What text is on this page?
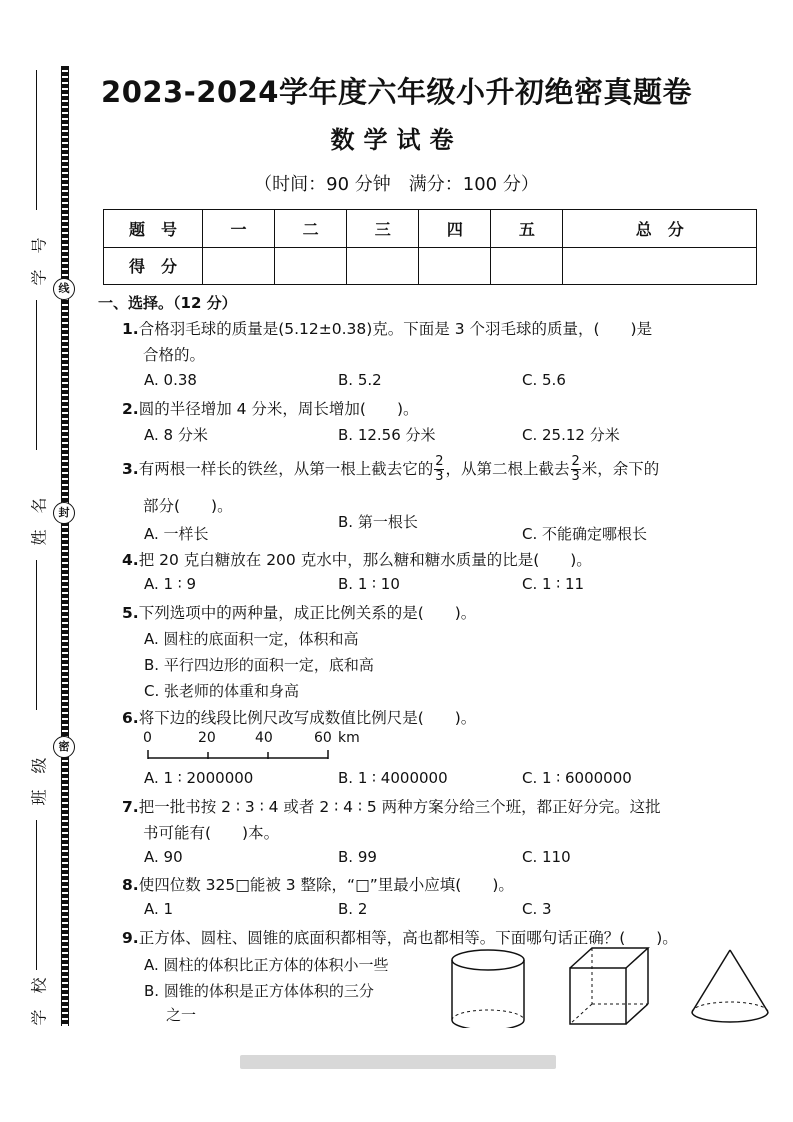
线
封
密
学　号
姓　名
班　级
学　校
2023-2024学年度六年级小升初绝密真题卷
数学试卷
（时间：90 分钟　满分：100 分）
题　号	一	二	三	四	五	总　分
得　分						
一、选择。（12 分）
1.合格羽毛球的质量是(5.12±0.38)克。下面是 3 个羽毛球的质量，(　　)是
合格的。
A. 0.38	B. 5.2	C. 5.6
2.圆的半径增加 4 分米，周长增加(　　)。
A. 8 分米	B. 12.56 分米	C. 25.12 分米
3.有两根一样长的铁丝，从第一根上截去它的 $\frac{2}{3}$ ，从第二根上截去 $\frac{2}{3}$ 米，余下的
部分(　　)。
A. 一样长
B. 第一根长
C. 不能确定哪根长
4.把 20 克白糖放在 200 克水中，那么糖和糖水质量的比是(　　)。
A. 1 ∶ 9	B. 1 ∶ 10	C. 1 ∶ 11
5.下列选项中的两种量，成正比例关系的是(　　)。
A. 圆柱的底面积一定，体积和高
B. 平行四边形的面积一定，底和高
C. 张老师的体重和身高
6.将下边的线段比例尺改写成数值比例尺是(　　)。
0	20	40	60 km
A. 1 ∶ 2000000	B. 1 ∶ 4000000	C. 1 ∶ 6000000
7.把一批书按 2 ∶ 3 ∶ 4 或者 2 ∶ 4 ∶ 5 两种方案分给三个班，都正好分完。这批
书可能有(　　)本。
A. 90	B. 99	C. 110
8.使四位数 325□能被 3 整除，“□”里最小应填(　　)。
A. 1	B. 2	C. 3
9.正方体、圆柱、圆锥的底面积都相等，高也都相等。下面哪句话正确？(　　)。
A. 圆柱的体积比正方体的体积小一些
B. 圆锥的体积是正方体体积的三分
之一
